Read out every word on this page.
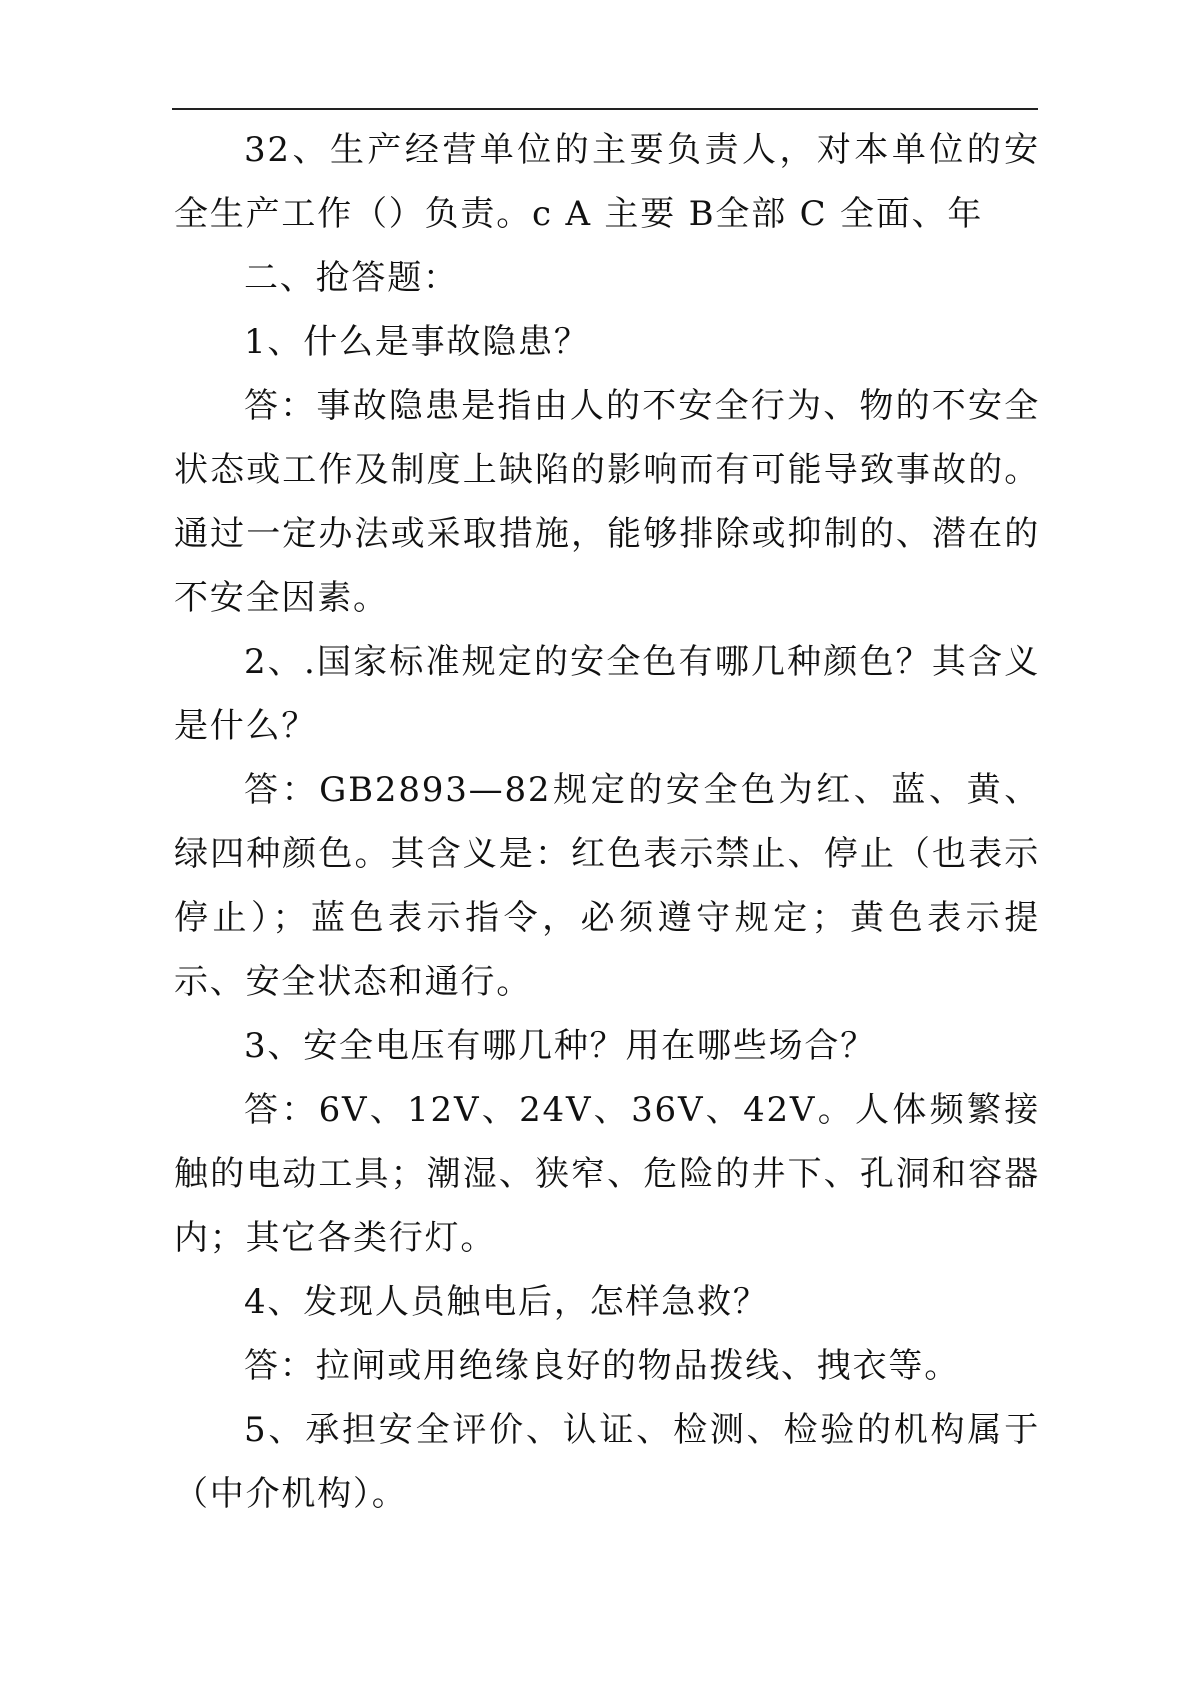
32、生产经营单位的主要负责人，对本单位的安全生产工作（）负责。c A 主要 B全部 C 全面、年

二、抢答题：

1、什么是事故隐患？

答：事故隐患是指由人的不安全行为、物的不安全状态或工作及制度上缺陷的影响而有可能导致事故的。通过一定办法或采取措施，能够排除或抑制的、潜在的不安全因素。

2、.国家标准规定的安全色有哪几种颜色？其含义是什么？

答：GB2893—82规定的安全色为红、蓝、黄、绿四种颜色。其含义是：红色表示禁止、停止（也表示停止）；蓝色表示指令，必须遵守规定；黄色表示提示、安全状态和通行。

3、安全电压有哪几种？用在哪些场合？

答：6V、12V、24V、36V、42V。人体频繁接触的电动工具；潮湿、狭窄、危险的井下、孔洞和容器内；其它各类行灯。

4、发现人员触电后，怎样急救？

答：拉闸或用绝缘良好的物品拨线、拽衣等。

5、承担安全评价、认证、检测、检验的机构属于（中介机构）。
